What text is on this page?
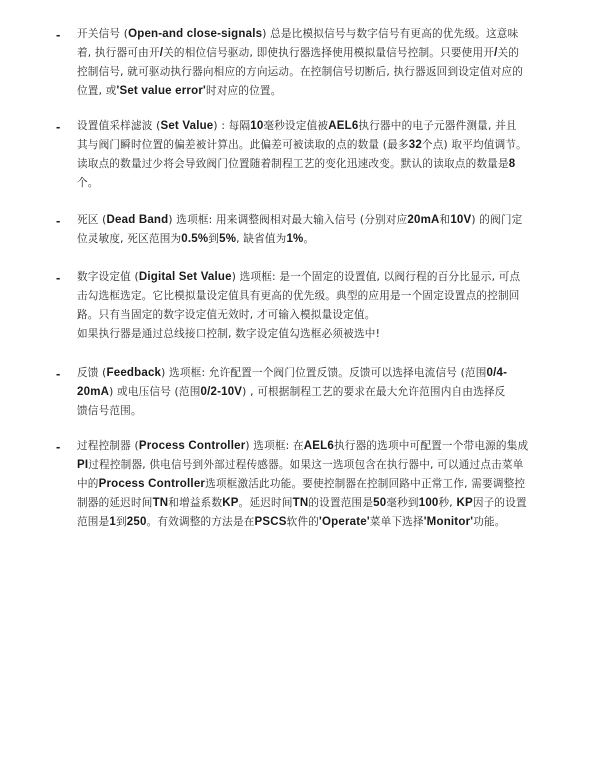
- 开关信号 (Open-and close-signals) 总是比模拟信号与数字信号有更高的优先级。这意味
着, 执行器可由开/关的相位信号驱动, 即使执行器选择使用模拟量信号控制。只要使用开/关的
控制信号, 就可驱动执行器向相应的方向运动。在控制信号切断后, 执行器返回到设定值对应的
位置, 或'Set value error'时对应的位置。
- 设置值采样滤波 (Set Value) : 每隔10毫秒设定值被AEL6执行器中的电子元器件测量, 并且
其与阀门瞬时位置的偏差被计算出。此偏差可被读取的点的数量 (最多32个点) 取平均值调节。
读取点的数量过少将会导致阀门位置随着制程工艺的变化迅速改变。默认的读取点的数量是8
个。
- 死区 (Dead Band) 选项框: 用来调整阀相对最大输入信号 (分别对应20mA和10V) 的阀门定
位灵敏度, 死区范围为0.5%到5%, 缺省值为1%。
- 数字设定值 (Digital Set Value) 选项框: 是一个固定的设置值, 以阀行程的百分比显示, 可点
击勾选框选定。它比模拟量设定值具有更高的优先级。典型的应用是一个固定设置点的控制回
路。只有当固定的数字设定值无效时, 才可输入模拟量设定值。
如果执行器是通过总线接口控制, 数字设定值勾选框必须被选中!
- 反馈 (Feedback) 选项框: 允许配置一个阀门位置反馈。反馈可以选择电流信号 (范围0/4-
20mA) 或电压信号 (范围0/2-10V) , 可根据制程工艺的要求在最大允许范围内自由选择反
馈信号范围。
- 过程控制器 (Process Controller) 选项框: 在AEL6执行器的选项中可配置一个带电源的集成
PI过程控制器, 供电信号到外部过程传感器。如果这一选项包含在执行器中, 可以通过点击菜单
中的Process Controller选项框激活此功能。要使控制器在控制回路中正常工作, 需要调整控
制器的延迟时间TN和增益系数KP。延迟时间TN的设置范围是50毫秒到100秒, KP因子的设置
范围是1到250。有效调整的方法是在PSCS软件的'Operate'菜单下选择'Monitor'功能。
